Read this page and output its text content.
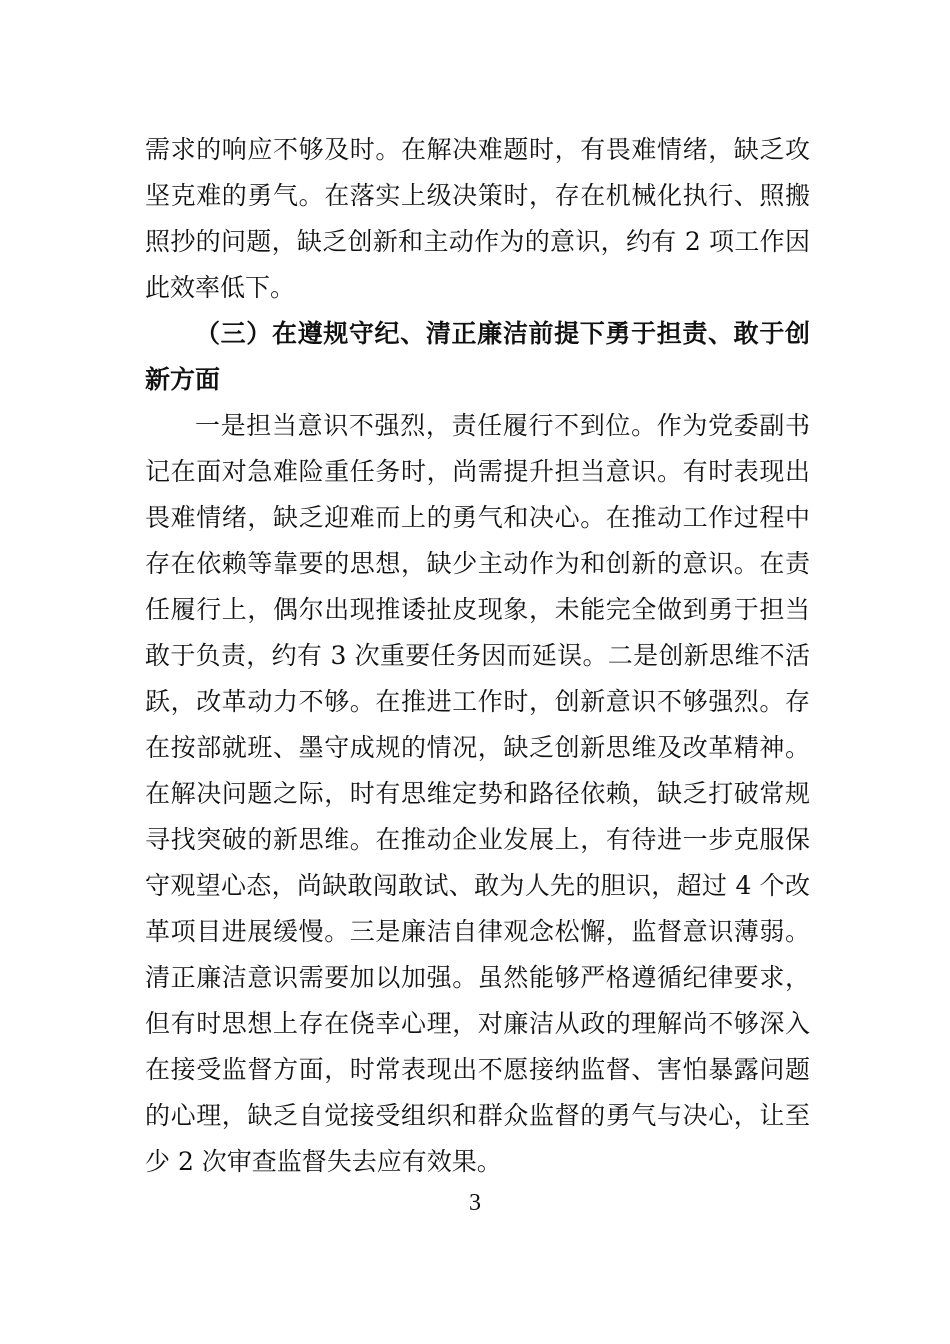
需求的响应不够及时。在解决难题时，有畏难情绪，缺乏攻
坚克难的勇气。在落实上级决策时，存在机械化执行、照搬
照抄的问题，缺乏创新和主动作为的意识，约有 2 项工作因
此效率低下。
（三）在遵规守纪、清正廉洁前提下勇于担责、敢于创
新方面
一是担当意识不强烈，责任履行不到位。作为党委副书
记在面对急难险重任务时，尚需提升担当意识。有时表现出
畏难情绪，缺乏迎难而上的勇气和决心。在推动工作过程中
存在依赖等靠要的思想，缺少主动作为和创新的意识。在责
任履行上，偶尔出现推诿扯皮现象，未能完全做到勇于担当
敢于负责，约有 3 次重要任务因而延误。二是创新思维不活
跃，改革动力不够。在推进工作时，创新意识不够强烈。存
在按部就班、墨守成规的情况，缺乏创新思维及改革精神。
在解决问题之际，时有思维定势和路径依赖，缺乏打破常规
寻找突破的新思维。在推动企业发展上，有待进一步克服保
守观望心态，尚缺敢闯敢试、敢为人先的胆识，超过 4 个改
革项目进展缓慢。三是廉洁自律观念松懈，监督意识薄弱。
清正廉洁意识需要加以加强。虽然能够严格遵循纪律要求，
但有时思想上存在侥幸心理，对廉洁从政的理解尚不够深入
在接受监督方面，时常表现出不愿接纳监督、害怕暴露问题
的心理，缺乏自觉接受组织和群众监督的勇气与决心，让至
少 2 次审查监督失去应有效果。
3
